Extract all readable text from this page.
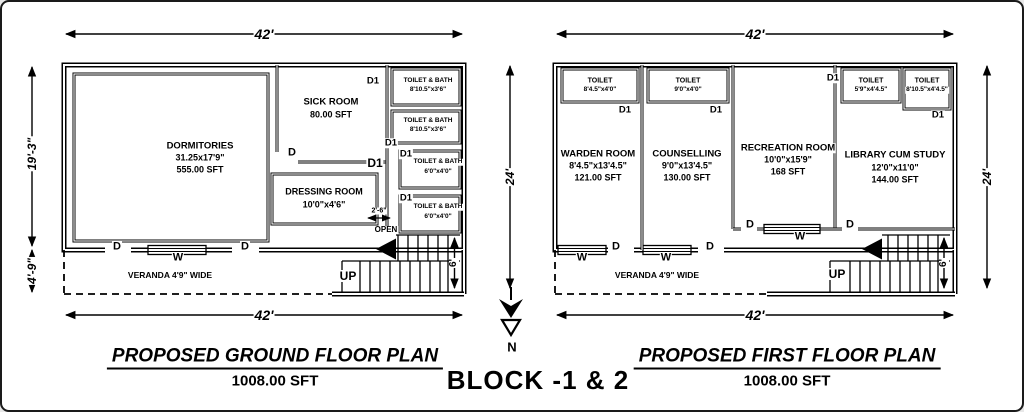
42'
42'
19'-3"
4'-9"
24'
6'
2'-6"
DORMITORIES
31.25x17'9"
555.00 SFT
SICK ROOM
80.00 SFT
DRESSING ROOM
10'0"x4'6"
TOILET & BATH
8'10.5"x3'6"
TOILET & BATH
8'10.5"x3'6"
TOILET & BATH
6'0"x4'0"
TOILET & BATH
6'0"x4'0"
D1
D1
D1
D1
D1
D
D
W
D
VERANDA 4'9" WIDE	UP
OPEN
PROPOSED GROUND FLOOR PLAN
1008.00 SFT
42'
42'
24'
6'
TOILET
8'4.5"x4'0"
TOILET
9'0"x4'0"
TOILET
5'9"x4'4.5"
TOILET
8'10.5"x4'4.5"
D1	D1
D1
D1
WARDEN ROOM
8'4.5"x13'4.5"
121.00 SFT
COUNSELLING
9'0"x13'4.5"
130.00 SFT
RECREATION ROOM
10'0"x15'9"
168 SFT
LIBRARY CUM STUDY
12'0"x11'0"
144.00 SFT
W
D
W
D
D
W
D
VERANDA 4'9" WIDE	UP
PROPOSED FIRST FLOOR PLAN
1008.00 SFT
N
BLOCK -1 & 2
